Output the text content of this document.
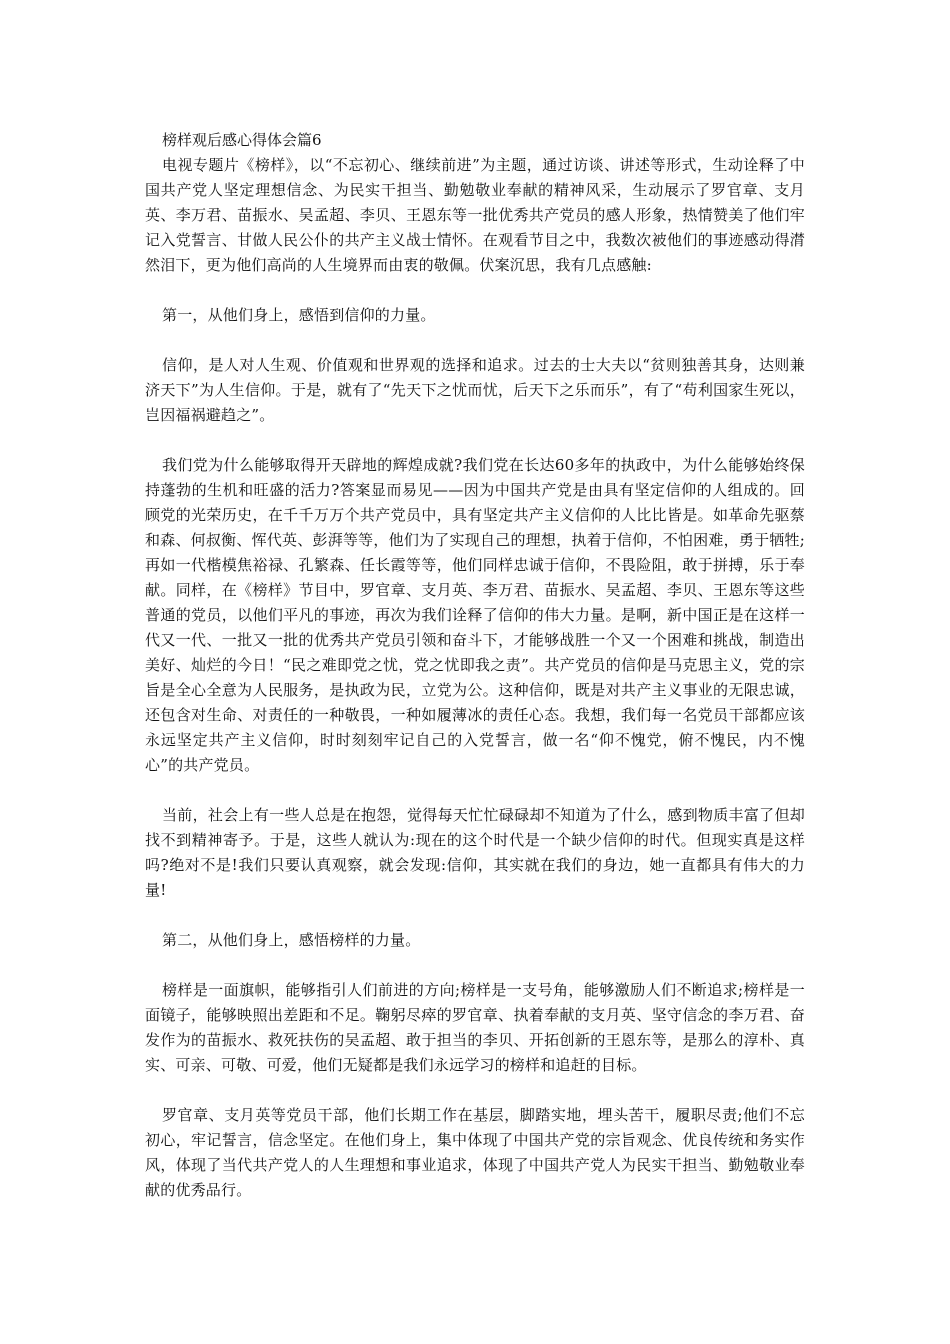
榜样观后感心得体会篇6

电视专题片《榜样》，以“不忘初心、继续前进”为主题，通过访谈、讲述等形式，生动诠释了中国共产党人坚定理想信念、为民实干担当、勤勉敬业奉献的精神风采，生动展示了罗官章、支月英、李万君、苗振水、吴孟超、李贝、王恩东等一批优秀共产党员的感人形象，热情赞美了他们牢记入党誓言、甘做人民公仆的共产主义战士情怀。在观看节目之中，我数次被他们的事迹感动得潸然泪下，更为他们高尚的人生境界而由衷的敬佩。伏案沉思，我有几点感触:

第一，从他们身上，感悟到信仰的力量。

信仰，是人对人生观、价值观和世界观的选择和追求。过去的士大夫以“贫则独善其身，达则兼济天下”为人生信仰。于是，就有了“先天下之忧而忧，后天下之乐而乐”，有了“苟利国家生死以，岂因福祸避趋之”。

我们党为什么能够取得开天辟地的辉煌成就?我们党在长达60多年的执政中，为什么能够始终保持蓬勃的生机和旺盛的活力?答案显而易见——因为中国共产党是由具有坚定信仰的人组成的。回顾党的光荣历史，在千千万万个共产党员中，具有坚定共产主义信仰的人比比皆是。如革命先驱蔡和森、何叔衡、恽代英、彭湃等等，他们为了实现自己的理想，执着于信仰，不怕困难，勇于牺牲;再如一代楷模焦裕禄、孔繁森、任长霞等等，他们同样忠诚于信仰，不畏险阻，敢于拼搏，乐于奉献。同样，在《榜样》节目中，罗官章、支月英、李万君、苗振水、吴孟超、李贝、王恩东等这些普通的党员，以他们平凡的事迹，再次为我们诠释了信仰的伟大力量。是啊，新中国正是在这样一代又一代、一批又一批的优秀共产党员引领和奋斗下，才能够战胜一个又一个困难和挑战，制造出美好、灿烂的今日！“民之难即党之忧，党之忧即我之责”。共产党员的信仰是马克思主义，党的宗旨是全心全意为人民服务，是执政为民，立党为公。这种信仰，既是对共产主义事业的无限忠诚，还包含对生命、对责任的一种敬畏，一种如履薄冰的责任心态。我想，我们每一名党员干部都应该永远坚定共产主义信仰，时时刻刻牢记自己的入党誓言，做一名“仰不愧党，俯不愧民，内不愧心”的共产党员。

当前，社会上有一些人总是在抱怨，觉得每天忙忙碌碌却不知道为了什么，感到物质丰富了但却找不到精神寄予。于是，这些人就认为:现在的这个时代是一个缺少信仰的时代。但现实真是这样吗?绝对不是!我们只要认真观察，就会发现:信仰，其实就在我们的身边，她一直都具有伟大的力量!

第二，从他们身上，感悟榜样的力量。

榜样是一面旗帜，能够指引人们前进的方向;榜样是一支号角，能够激励人们不断追求;榜样是一面镜子，能够映照出差距和不足。鞠躬尽瘁的罗官章、执着奉献的支月英、坚守信念的李万君、奋发作为的苗振水、救死扶伤的吴孟超、敢于担当的李贝、开拓创新的王恩东等，是那么的淳朴、真实、可亲、可敬、可爱，他们无疑都是我们永远学习的榜样和追赶的目标。

罗官章、支月英等党员干部，他们长期工作在基层，脚踏实地，埋头苦干，履职尽责;他们不忘初心，牢记誓言，信念坚定。在他们身上，集中体现了中国共产党的宗旨观念、优良传统和务实作风，体现了当代共产党人的人生理想和事业追求，体现了中国共产党人为民实干担当、勤勉敬业奉献的优秀品行。
